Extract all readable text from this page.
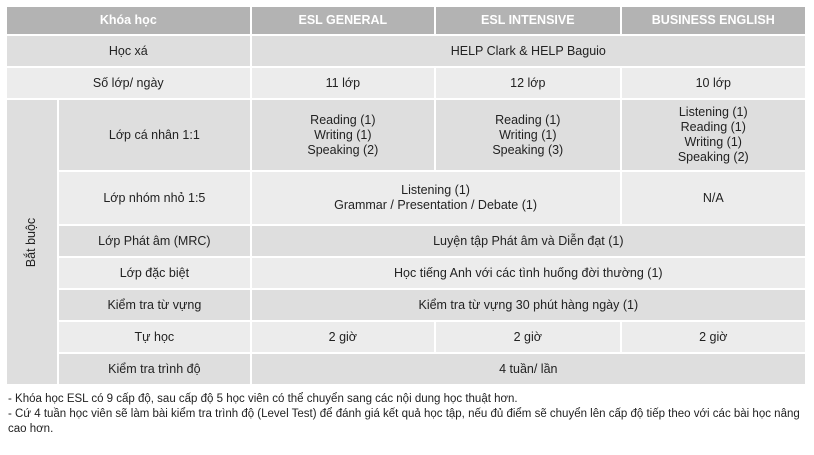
Khóa học		ESL GENERAL	ESL INTENSIVE	BUSINESS ENGLISH
Học xá		HELP Clark & HELP Baguio		
Số lớp/ ngày		11 lớp	12 lớp	10 lớp
Bắt buộc	Lớp cá nhân 1:1	Reading (1)
Writing (1)
Speaking (2)	Reading (1)
Writing (1)
Speaking (3)	Listening (1)
Reading (1)
Writing (1)
Speaking (2)

	Lớp nhóm nhỏ 1:5	Listening (1)
Grammar / Presentation / Debate (1)		N/A
	Lớp Phát âm (MRC)	Luyện tập Phát âm và Diễn đạt (1)		
	Lớp đặc biệt	Học tiếng Anh với các tình huống đời thường (1)		
	Kiểm tra từ vựng	Kiểm tra từ vựng 30 phút hàng ngày (1)		
	Tự học	2 giờ	2 giờ	2 giờ
	Kiểm tra trình độ	4 tuần/ lần		

- Khóa học ESL có 9 cấp độ, sau cấp độ 5 học viên có thể chuyển sang các nội dung học thuật hơn.

- Cứ 4 tuần học viên sẽ làm bài kiểm tra trình độ (Level Test) để đánh giá kết quả học tập, nếu đủ điểm sẽ chuyển lên cấp độ tiếp theo với các bài học nâng cao hơn.
